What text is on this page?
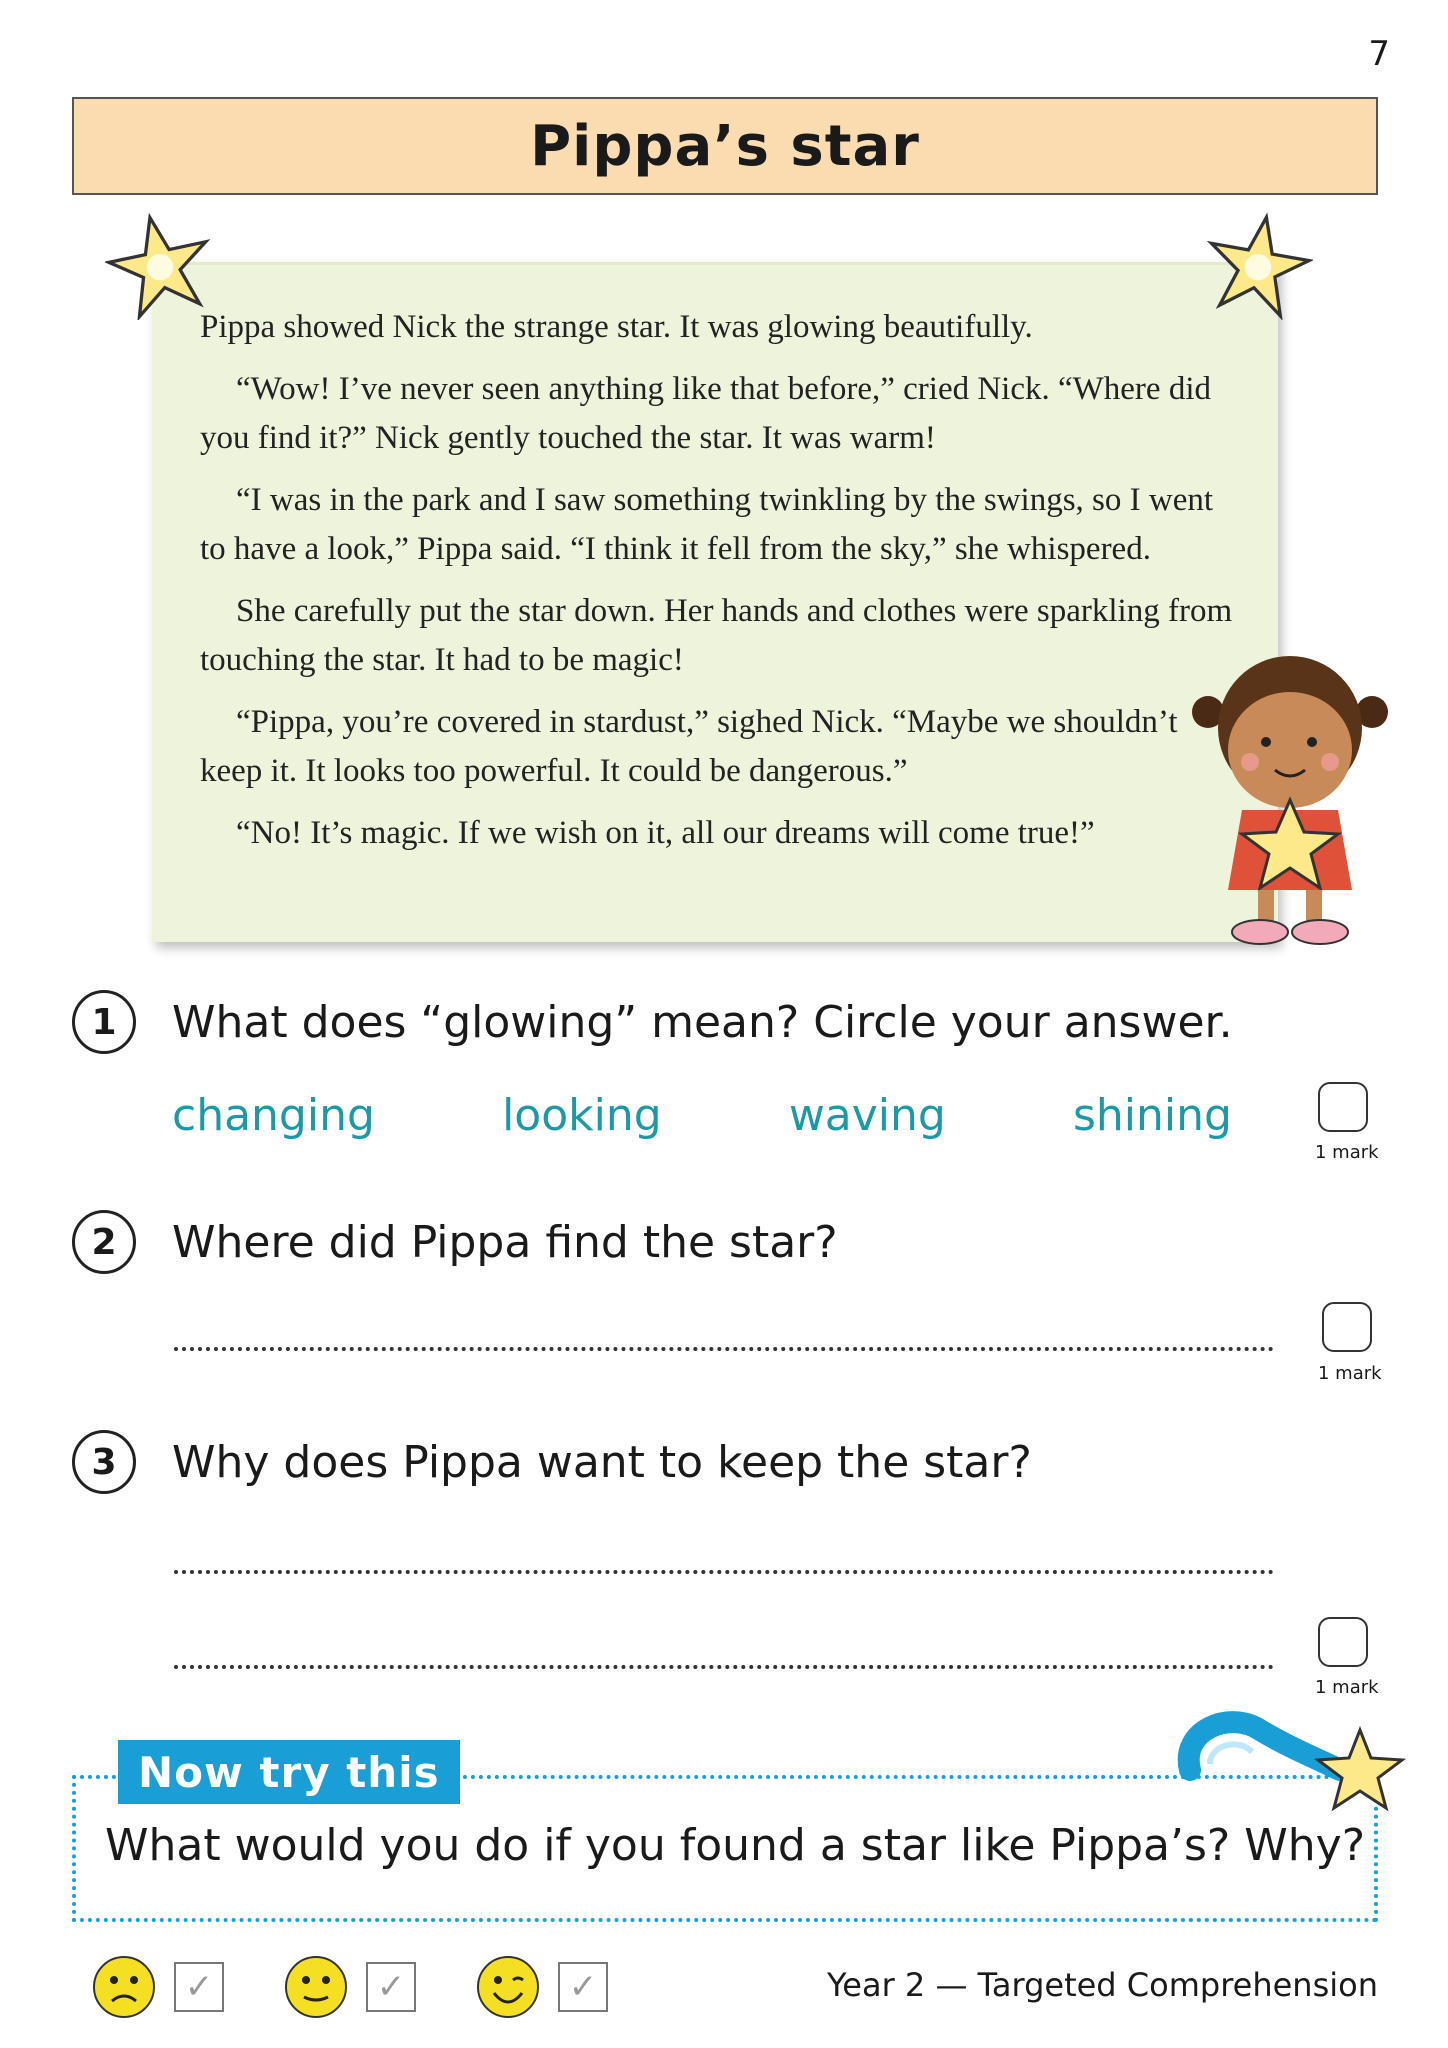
7
Pippa’s star

Pippa showed Nick the strange star. It was glowing beautifully.

“Wow! I’ve never seen anything like that before,” cried Nick. “Where did you find it?” Nick gently touched the star. It was warm!

“I was in the park and I saw something twinkling by the swings, so I went to have a look,” Pippa said. “I think it fell from the sky,” she whispered.

She carefully put the star down. Her hands and clothes were sparkling from touching the star. It had to be magic!

“Pippa, you’re covered in stardust,” sighed Nick. “Maybe we shouldn’t keep it. It looks too powerful. It could be dangerous.”

“No! It’s magic. If we wish on it, all our dreams will come true!”

1	What does “glowing” mean? Circle your answer.
changing	looking	waving	shining
1 mark
2	Where did Pippa find the star?
1 mark
3	Why does Pippa want to keep the star?
1 mark
Now try this
What would you do if you found a star like Pippa’s? Why?
✓	✓	✓	Year 2 — Targeted Comprehension
